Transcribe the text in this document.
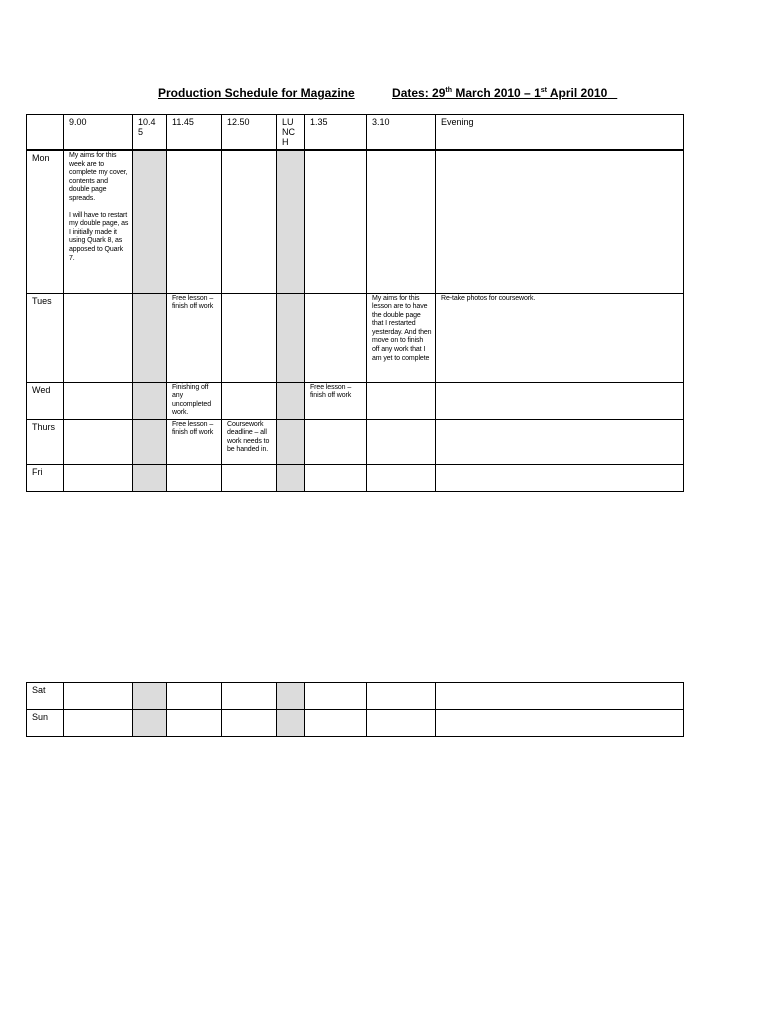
Production Schedule for Magazine	Dates: 29th March 2010 – 1st April 2010
	9.00	10.4 5	11.45	12.50	LU NC H	1.35	3.10	Evening
Mon	My aims for this week are to complete my cover, contents and double page spreads.
I will have to restart my double page, as I initially made it using Quark 8, as apposed to Quark 7.							
Tues			Free lesson – finish off work				My aims for this lesson are to have the double page that I restarted yesterday. And then move on to finish off any work that I am yet to complete	Re-take photos for coursework.
Wed			Finishing off any uncompleted work.			Free lesson – finish off work		
Thurs			Free lesson – finish off work	Coursework deadline – all work needs to be handed in.				
Fri								
Sat								
Sun								
